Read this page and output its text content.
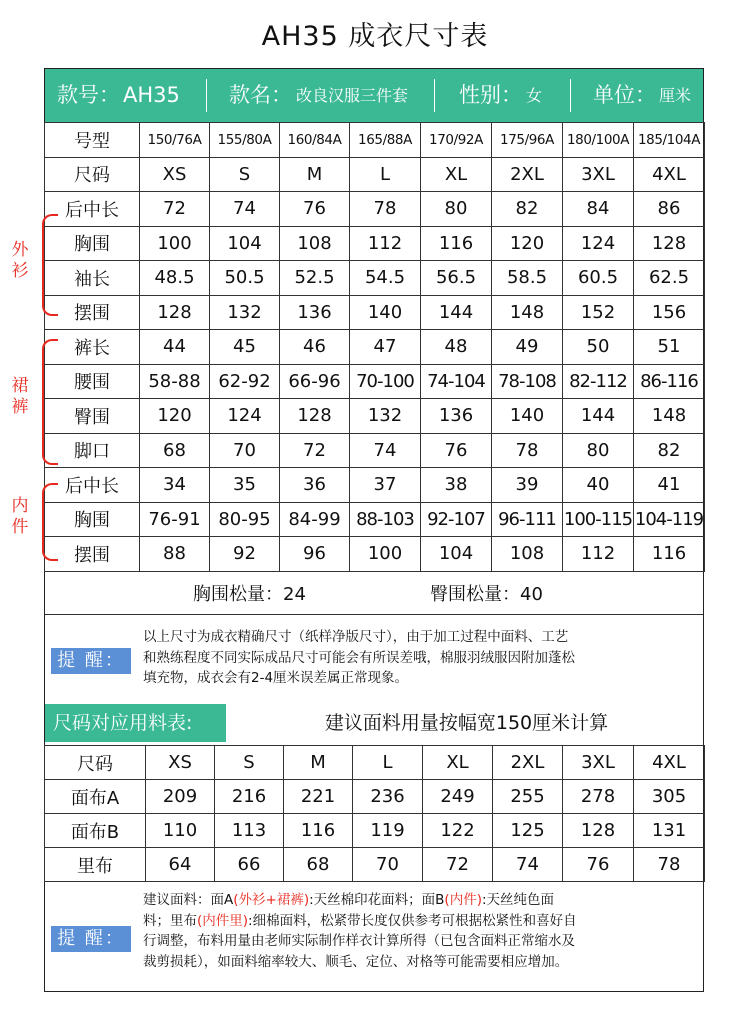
AH35 成衣尺寸表
款号： AH35 款名： 改良汉服三件套 性别： 女 单位： 厘米
号型	150/76A	155/80A	160/84A	165/88A	170/92A	175/96A	180/100A	185/104A
尺码	XS	S	M	L	XL	2XL	3XL	4XL
后中长	72	74	76	78	80	82	84	86
胸围	100	104	108	112	116	120	124	128
袖长	48.5	50.5	52.5	54.5	56.5	58.5	60.5	62.5
摆围	128	132	136	140	144	148	152	156
裤长	44	45	46	47	48	49	50	51
腰围	58-88	62-92	66-96	70-100	74-104	78-108	82-112	86-116
臀围	120	124	128	132	136	140	144	148
脚口	68	70	72	74	76	78	80	82
后中长	34	35	36	37	38	39	40	41
胸围	76-91	80-95	84-99	88-103	92-107	96-111	100-115	104-119
摆围	88	92	96	100	104	108	112	116
外衫
裙裤
内件
胸围松量：24	臀围松量：40
提 醒：
以上尺寸为成衣精确尺寸（纸样净版尺寸），由于加工过程中面料、工艺
和熟练程度不同实际成品尺寸可能会有所误差哦，棉服羽绒服因附加蓬松
填充物，成衣会有2-4厘米误差属正常现象。
尺码对应用料表:	建议面料用量按幅宽150厘米计算
尺码	XS	S	M	L	XL	2XL	3XL	4XL
面布A	209	216	221	236	249	255	278	305
面布B	110	113	116	119	122	125	128	131
里布	64	66	68	70	72	74	76	78
提 醒：
建议面料：面A(外衫+裙裤):天丝棉印花面料；面B(内件):天丝纯色面
料；里布(内件里):细棉面料，松紧带长度仅供参考可根据松紧性和喜好自
行调整，布料用量由老师实际制作样衣计算所得（已包含面料正常缩水及
裁剪损耗），如面料缩率较大、顺毛、定位、对格等可能需要相应增加。
